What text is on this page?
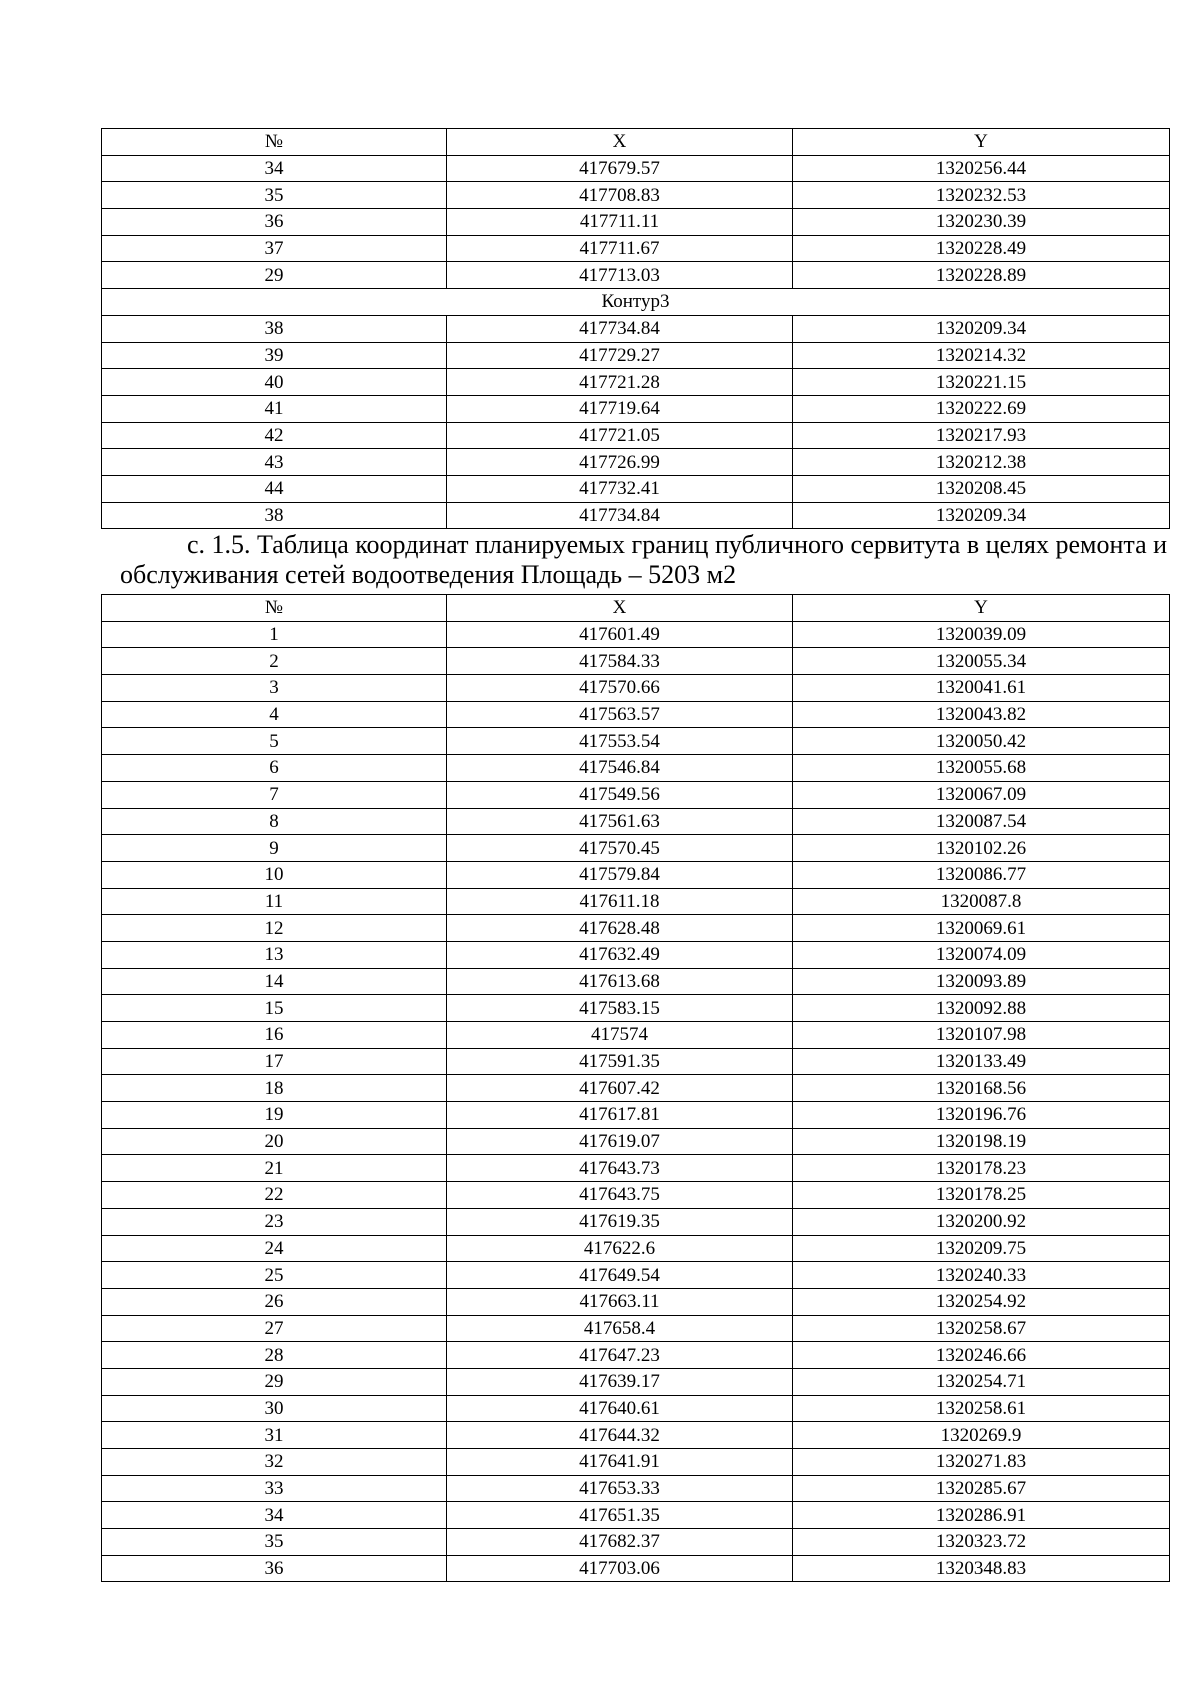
№	X	Y
34	417679.57	1320256.44
35	417708.83	1320232.53
36	417711.11	1320230.39
37	417711.67	1320228.49
29	417713.03	1320228.89
Контур3		
38	417734.84	1320209.34
39	417729.27	1320214.32
40	417721.28	1320221.15
41	417719.64	1320222.69
42	417721.05	1320217.93
43	417726.99	1320212.38
44	417732.41	1320208.45
38	417734.84	1320209.34
с. 1.5. Таблица координат планируемых границ публичного сервитута в целях ремонта и обслуживания сетей водоотведения Площадь – 5203 м2
№	X	Y
1	417601.49	1320039.09
2	417584.33	1320055.34
3	417570.66	1320041.61
4	417563.57	1320043.82
5	417553.54	1320050.42
6	417546.84	1320055.68
7	417549.56	1320067.09
8	417561.63	1320087.54
9	417570.45	1320102.26
10	417579.84	1320086.77
11	417611.18	1320087.8
12	417628.48	1320069.61
13	417632.49	1320074.09
14	417613.68	1320093.89
15	417583.15	1320092.88
16	417574	1320107.98
17	417591.35	1320133.49
18	417607.42	1320168.56
19	417617.81	1320196.76
20	417619.07	1320198.19
21	417643.73	1320178.23
22	417643.75	1320178.25
23	417619.35	1320200.92
24	417622.6	1320209.75
25	417649.54	1320240.33
26	417663.11	1320254.92
27	417658.4	1320258.67
28	417647.23	1320246.66
29	417639.17	1320254.71
30	417640.61	1320258.61
31	417644.32	1320269.9
32	417641.91	1320271.83
33	417653.33	1320285.67
34	417651.35	1320286.91
35	417682.37	1320323.72
36	417703.06	1320348.83
